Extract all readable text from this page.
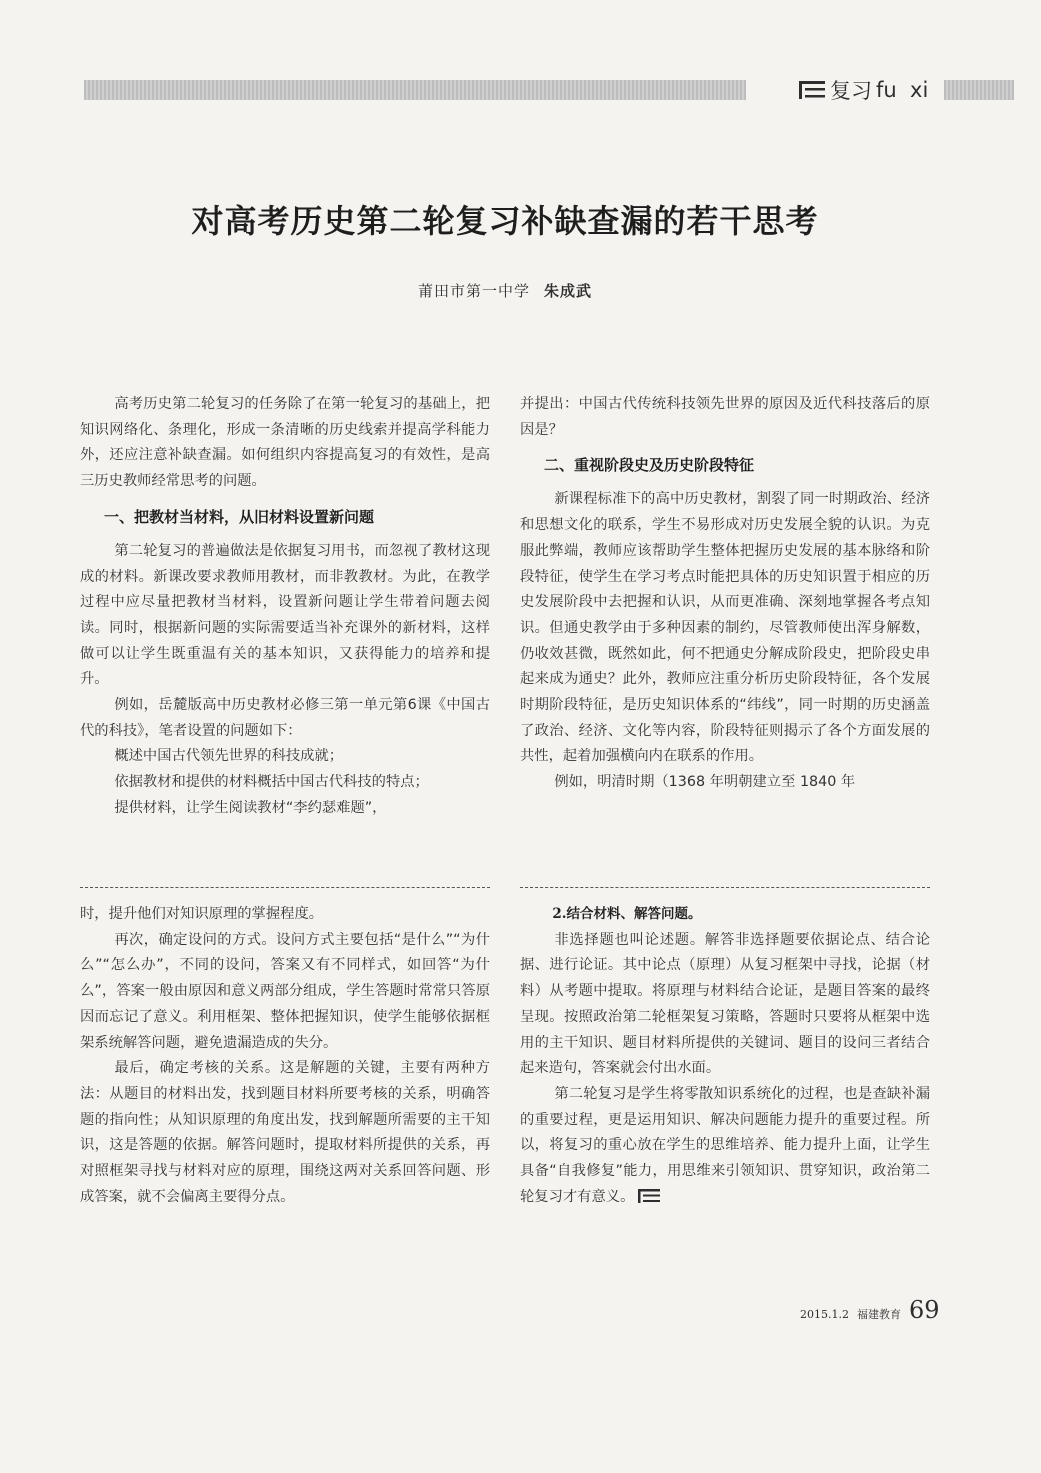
复习 fu  xi
对高考历史第二轮复习补缺查漏的若干思考
莆田市第一中学 朱成武

高考历史第二轮复习的任务除了在第一轮复习的基础上，把知识网络化、条理化，形成一条清晰的历史线索并提高学科能力外，还应注意补缺查漏。如何组织内容提高复习的有效性，是高三历史教师经常思考的问题。

一、把教材当材料，从旧材料设置新问题

第二轮复习的普遍做法是依据复习用书，而忽视了教材这现成的材料。新课改要求教师用教材，而非教教材。为此，在教学过程中应尽量把教材当材料，设置新问题让学生带着问题去阅读。同时，根据新问题的实际需要适当补充课外的新材料，这样做可以让学生既重温有关的基本知识，又获得能力的培养和提升。

例如，岳麓版高中历史教材必修三第一单元第6课《中国古代的科技》，笔者设置的问题如下：

概述中国古代领先世界的科技成就；

依据教材和提供的材料概括中国古代科技的特点；

提供材料，让学生阅读教材“李约瑟难题”，

并提出：中国古代传统科技领先世界的原因及近代科技落后的原因是？

二、重视阶段史及历史阶段特征

新课程标准下的高中历史教材，割裂了同一时期政治、经济和思想文化的联系，学生不易形成对历史发展全貌的认识。为克服此弊端，教师应该帮助学生整体把握历史发展的基本脉络和阶段特征，使学生在学习考点时能把具体的历史知识置于相应的历史发展阶段中去把握和认识，从而更准确、深刻地掌握各考点知识。但通史教学由于多种因素的制约，尽管教师使出浑身解数，仍收效甚微，既然如此，何不把通史分解成阶段史，把阶段史串起来成为通史？此外，教师应注重分析历史阶段特征，各个发展时期阶段特征，是历史知识体系的“纬线”，同一时期的历史涵盖了政治、经济、文化等内容，阶段特征则揭示了各个方面发展的共性，起着加强横向内在联系的作用。

例如，明清时期（1368 年明朝建立至 1840 年

时，提升他们对知识原理的掌握程度。

再次，确定设问的方式。设问方式主要包括“是什么”“为什么”“怎么办”，不同的设问，答案又有不同样式，如回答“为什么”，答案一般由原因和意义两部分组成，学生答题时常常只答原因而忘记了意义。利用框架、整体把握知识，使学生能够依据框架系统解答问题，避免遗漏造成的失分。

最后，确定考核的关系。这是解题的关键，主要有两种方法：从题目的材料出发，找到题目材料所要考核的关系，明确答题的指向性；从知识原理的角度出发，找到解题所需要的主干知识，这是答题的依据。解答问题时，提取材料所提供的关系，再对照框架寻找与材料对应的原理，围绕这两对关系回答问题、形成答案，就不会偏离主要得分点。

2.结合材料、解答问题。

非选择题也叫论述题。解答非选择题要依据论点、结合论据、进行论证。其中论点（原理）从复习框架中寻找，论据（材料）从考题中提取。将原理与材料结合论证，是题目答案的最终呈现。按照政治第二轮框架复习策略，答题时只要将从框架中选用的主干知识、题目材料所提供的关键词、题目的设问三者结合起来造句，答案就会付出水面。

第二轮复习是学生将零散知识系统化的过程，也是查缺补漏的重要过程，更是运用知识、解决问题能力提升的重要过程。所以，将复习的重心放在学生的思维培养、能力提升上面，让学生具备“自我修复”能力，用思维来引领知识、贯穿知识，政治第二轮复习才有意义。

2015.1.2 福建教育 69
